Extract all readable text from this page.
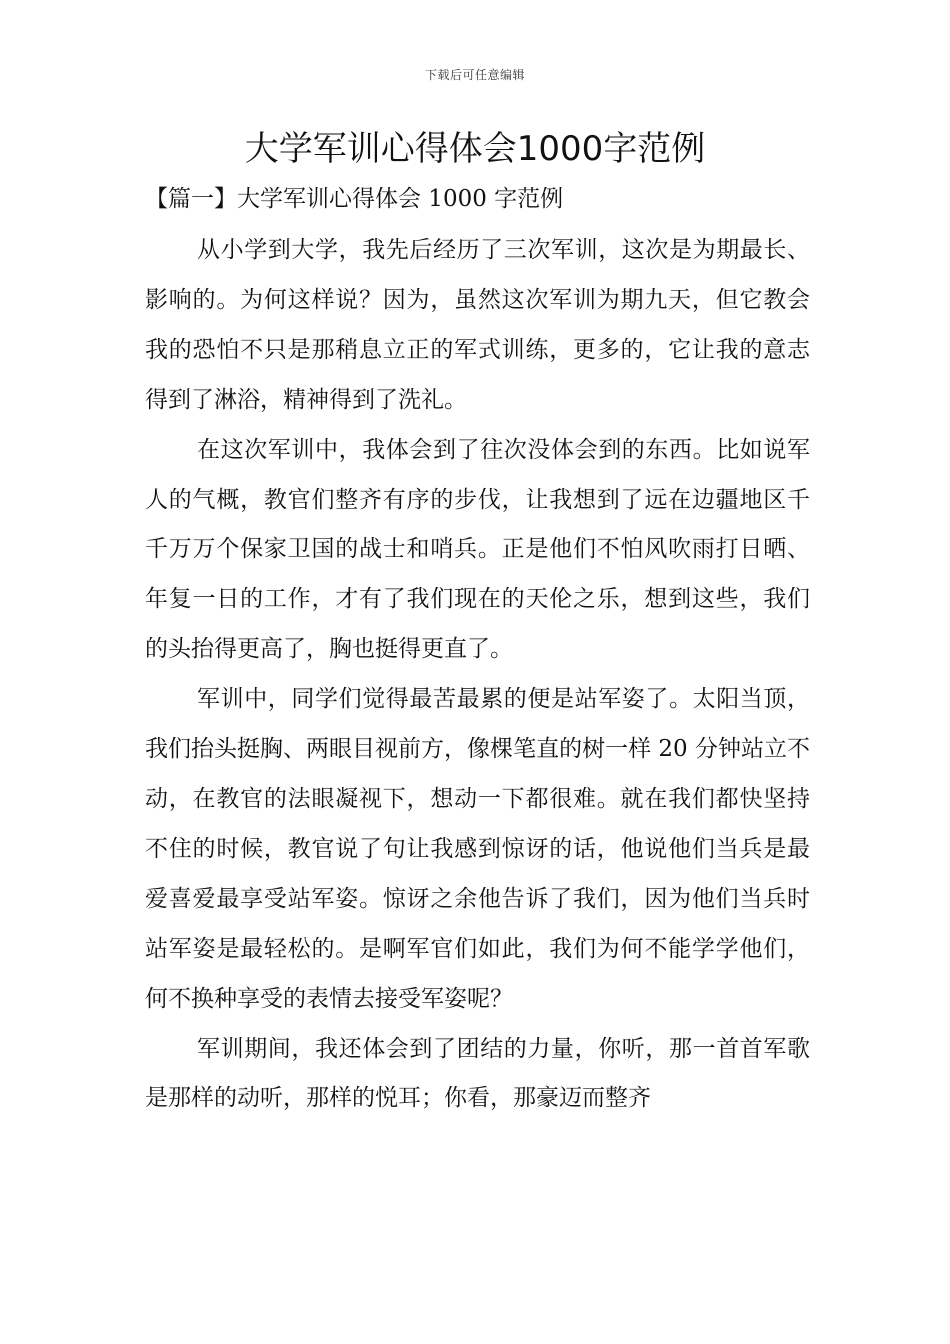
下载后可任意编辑
大学军训心得体会1000字范例
【篇一】大学军训心得体会 1000 字范例

从小学到大学，我先后经历了三次军训，这次是为期最长、影响的。为何这样说？因为，虽然这次军训为期九天，但它教会我的恐怕不只是那稍息立正的军式训练，更多的，它让我的意志得到了淋浴，精神得到了洗礼。

在这次军训中，我体会到了往次没体会到的东西。比如说军人的气概，教官们整齐有序的步伐，让我想到了远在边疆地区千千万万个保家卫国的战士和哨兵。正是他们不怕风吹雨打日晒、年复一日的工作，才有了我们现在的天伦之乐，想到这些，我们的头抬得更高了，胸也挺得更直了。

军训中，同学们觉得最苦最累的便是站军姿了。太阳当顶，我们抬头挺胸、两眼目视前方，像棵笔直的树一样 20 分钟站立不动，在教官的法眼凝视下，想动一下都很难。就在我们都快坚持不住的时候，教官说了句让我感到惊讶的话，他说他们当兵是最爱喜爱最享受站军姿。惊讶之余他告诉了我们，因为他们当兵时站军姿是最轻松的。是啊军官们如此，我们为何不能学学他们，何不换种享受的表情去接受军姿呢？

军训期间，我还体会到了团结的力量，你听，那一首首军歌是那样的动听，那样的悦耳；你看，那豪迈而整齐
